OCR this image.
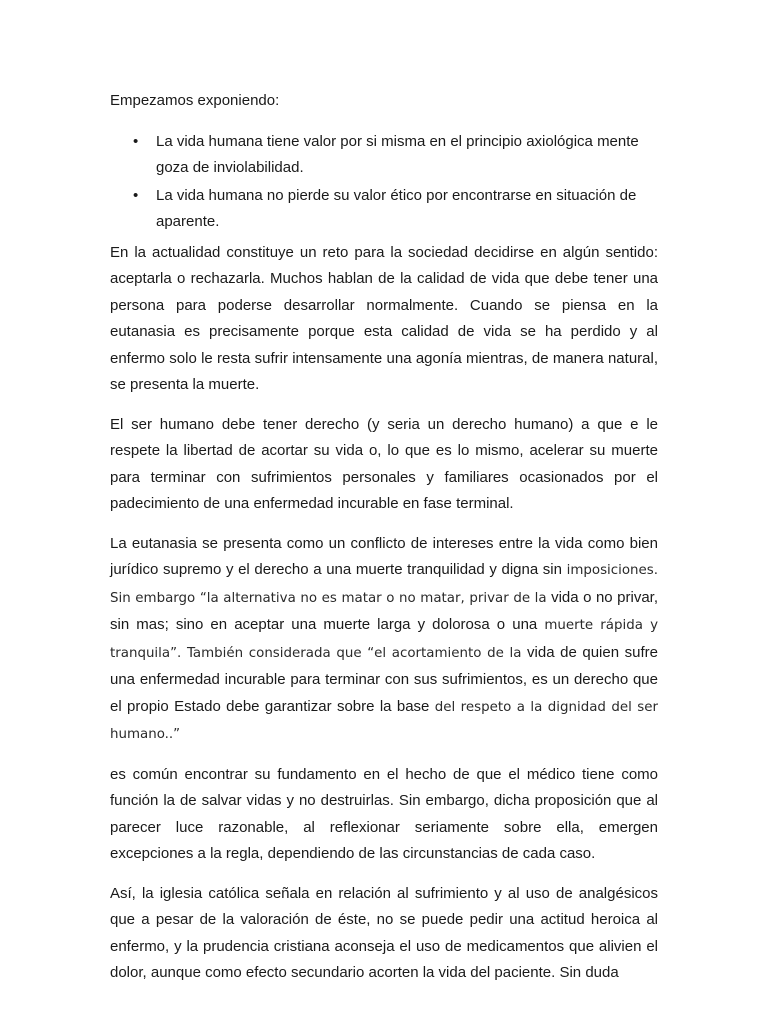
Empezamos exponiendo:

• La vida humana tiene valor por si misma en el principio axiológica mente goza de inviolabilidad.
• La vida humana no pierde su valor ético por encontrarse en situación de aparente.

En la actualidad constituye un reto para la sociedad decidirse en algún sentido: aceptarla o rechazarla. Muchos hablan de la calidad de vida que debe tener una persona para poderse desarrollar normalmente. Cuando se piensa en la eutanasia es precisamente porque esta calidad de vida se ha perdido y al enfermo solo le resta sufrir intensamente una agonía mientras, de manera natural, se presenta la muerte.

El ser humano debe tener derecho (y seria un derecho humano) a que e le respete la libertad de acortar su vida o, lo que es lo mismo, acelerar su muerte para terminar con sufrimientos personales y familiares ocasionados por el padecimiento de una enfermedad incurable en fase terminal.

La eutanasia se presenta como un conflicto de intereses entre la vida como bien jurídico supremo y el derecho a una muerte tranquilidad y digna sin imposiciones. Sin embargo “la alternativa no es matar o no matar, privar de la vida o no privar, sin mas; sino en aceptar una muerte larga y dolorosa o una muerte rápida y tranquila”. También considerada que “el acortamiento de la vida de quien sufre una enfermedad incurable para terminar con sus sufrimientos, es un derecho que el propio Estado debe garantizar sobre la base del respeto a la dignidad del ser humano..”

es común encontrar su fundamento en el hecho de que el médico tiene como función la de salvar vidas y no destruirlas. Sin embargo, dicha proposición que al parecer luce razonable, al reflexionar seriamente sobre ella, emergen excepciones a la regla, dependiendo de las circunstancias de cada caso.

Así, la iglesia católica señala en relación al sufrimiento y al uso de analgésicos que a pesar de la valoración de éste, no se puede pedir una actitud heroica al enfermo, y la prudencia cristiana aconseja el uso de medicamentos que alivien el dolor, aunque como efecto secundario acorten la vida del paciente. Sin duda
